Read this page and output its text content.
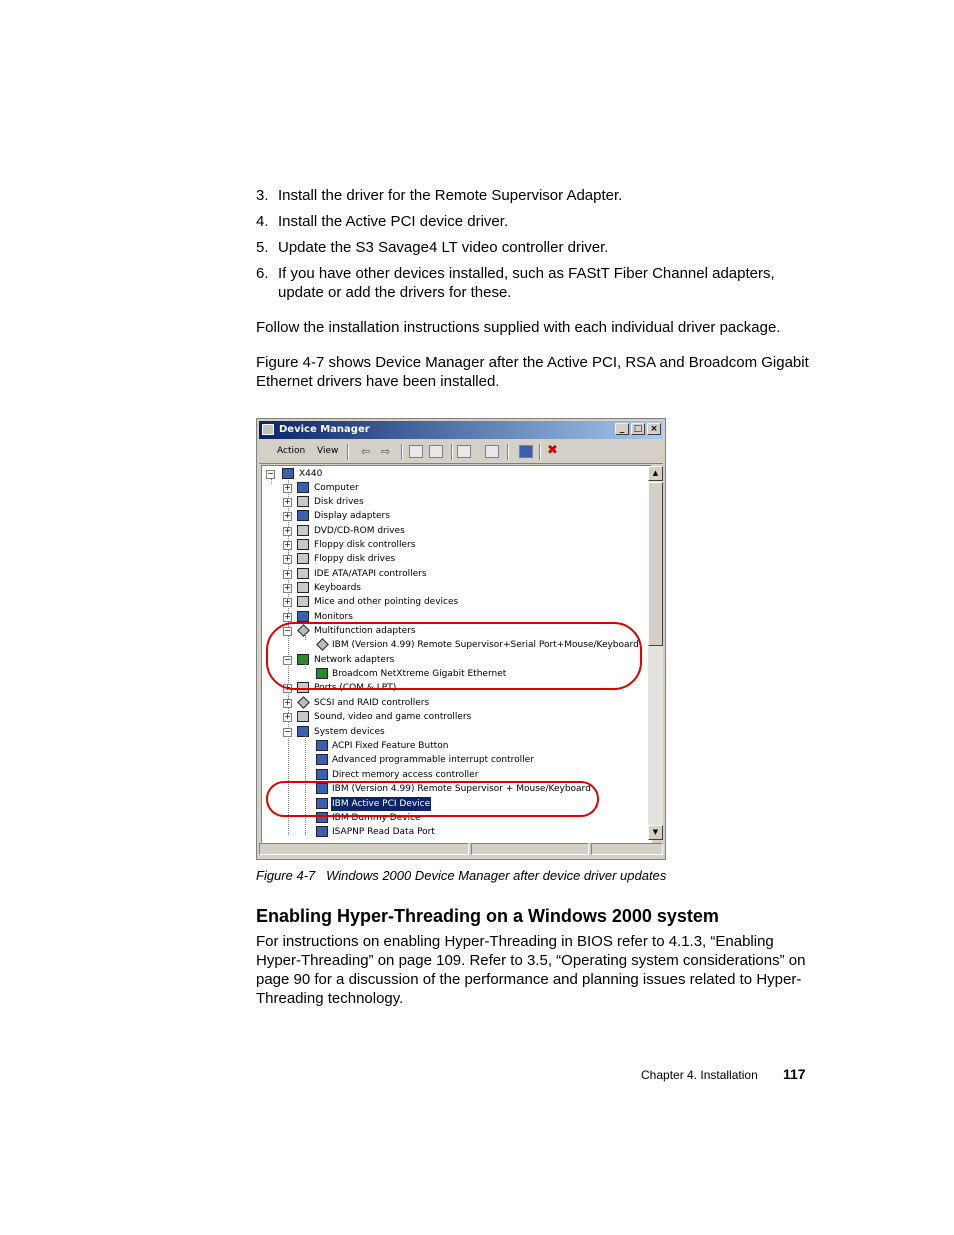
3. Install the driver for the Remote Supervisor Adapter.
4. Install the Active PCI device driver.
5. Update the S3 Savage4 LT video controller driver.
6. If you have other devices installed, such as FAStT Fiber Channel adapters, update or add the drivers for these.

Follow the installation instructions supplied with each individual driver package.

Figure 4-7 shows Device Manager after the Active PCI, RSA and Broadcom Gigabit Ethernet drivers have been installed.

Device Manager	_	□ ×
Action View ⇦ ⇨	✖
−	X440
+	Computer
+	Disk drives
+	Display adapters
+	DVD/CD-ROM drives
+	Floppy disk controllers
+	Floppy disk drives
+	IDE ATA/ATAPI controllers
+	Keyboards
+	Mice and other pointing devices
+	Monitors
−	Multifunction adapters
IBM (Version 4.99) Remote Supervisor+Serial Port+Mouse/Keyboard
−	Network adapters
Broadcom NetXtreme Gigabit Ethernet
+	Ports (COM & LPT)
+	SCSI and RAID controllers
+	Sound, video and game controllers
−	System devices
ACPI Fixed Feature Button
Advanced programmable interrupt controller
Direct memory access controller
IBM (Version 4.99) Remote Supervisor + Mouse/Keyboard
IBM Active PCI Device
IBM Dummy Device
ISAPNP Read Data Port
▲
▼
Figure 4-7   Windows 2000 Device Manager after device driver updates
Enabling Hyper-Threading on a Windows 2000 system

For instructions on enabling Hyper-Threading in BIOS refer to 4.1.3, “Enabling Hyper-Threading” on page 109. Refer to 3.5, “Operating system considerations” on page 90 for a discussion of the performance and planning issues related to Hyper-Threading technology.

Chapter 4. Installation 117
